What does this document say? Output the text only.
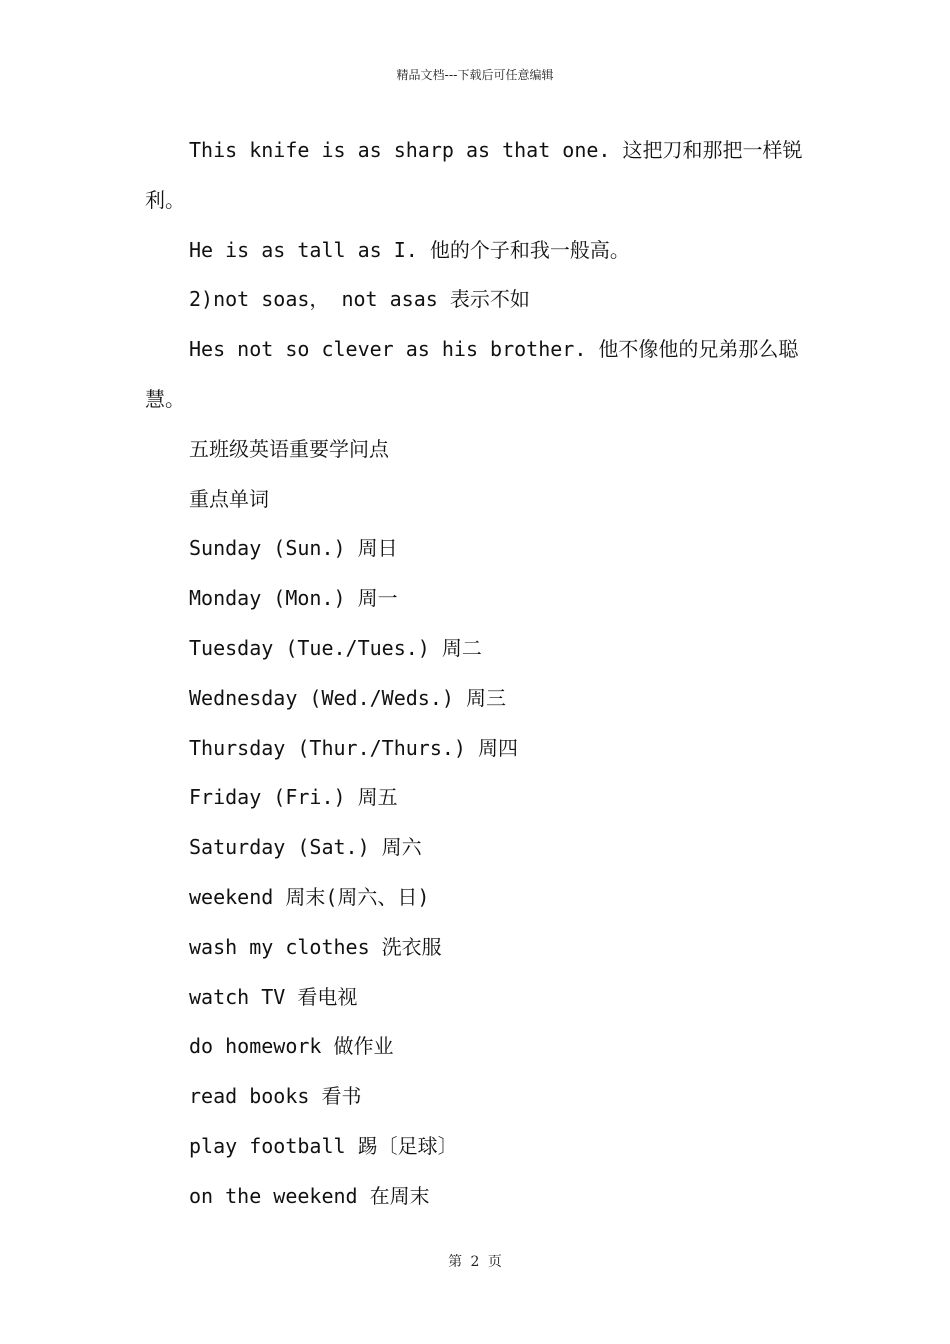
精品文档---下载后可任意编辑

This knife is as sharp as that one. 这把刀和那把一样锐利。

He is as tall as I. 他的个子和我一般高。

2)not soas， not asas 表示不如

Hes not so clever as his brother. 他不像他的兄弟那么聪慧。

五班级英语重要学问点

重点单词

Sunday (Sun.) 周日

Monday (Mon.) 周一

Tuesday (Tue./Tues.) 周二

Wednesday (Wed./Weds.) 周三

Thursday (Thur./Thurs.) 周四

Friday (Fri.) 周五

Saturday (Sat.) 周六

weekend 周末(周六、日)

wash my clothes 洗衣服

watch TV 看电视

do homework 做作业

read books 看书

play football 踢〔足球〕

on the weekend 在周末

第 2 页
